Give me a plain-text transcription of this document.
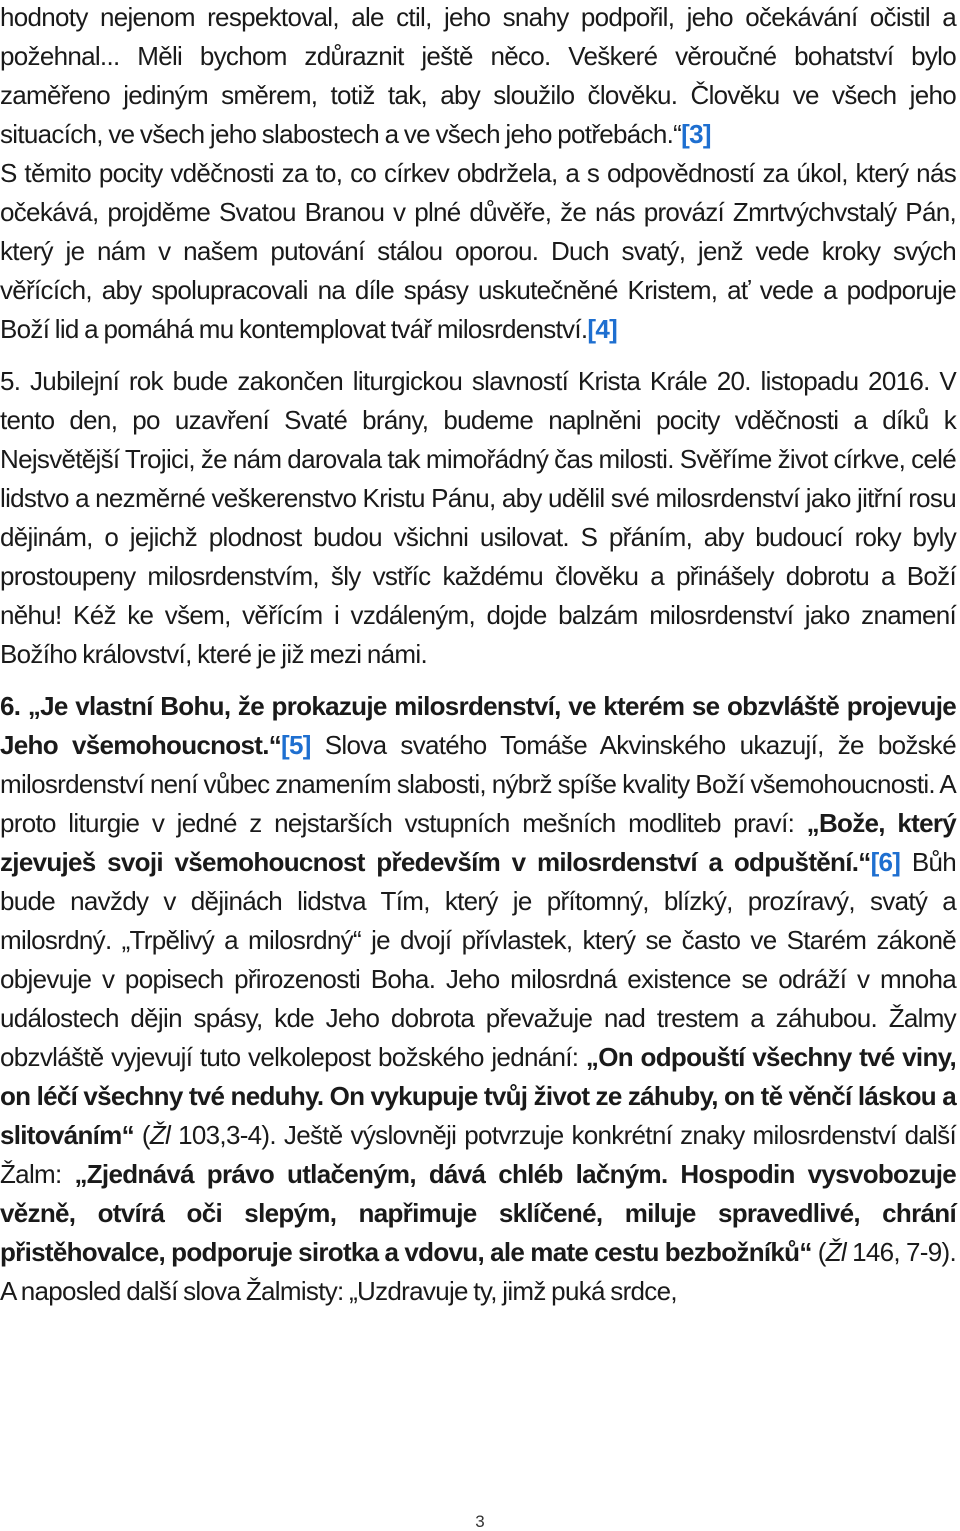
hodnoty nejenom respektoval, ale ctil, jeho snahy podpořil, jeho očekávání očistil a požehnal... Měli bychom zdůraznit ještě něco. Veškeré věroučné bohatství bylo zaměřeno jediným směrem, totiž tak, aby sloužilo člověku. Člověku ve všech jeho situacích, ve všech jeho slabostech a ve všech jeho potřebách.“[3]

S těmito pocity vděčnosti za to, co církev obdržela, a s odpovědností za úkol, který nás očekává, projděme Svatou Branou v plné důvěře, že nás provází Zmrtvýchvstalý Pán, který je nám v našem putování stálou oporou. Duch svatý, jenž vede kroky svých věřících, aby spolupracovali na díle spásy uskutečněné Kristem, ať vede a podporuje Boží lid a pomáhá mu kontemplovat tvář milosrdenství.[4]

5. Jubilejní rok bude zakončen liturgickou slavností Krista Krále 20. listopadu 2016. V tento den, po uzavření Svaté brány, budeme naplněni pocity vděčnosti a díků k Nejsvětější Trojici, že nám darovala tak mimořádný čas milosti. Svěříme život církve, celé lidstvo a nezměrné veškerenstvo Kristu Pánu, aby udělil své milosrdenství jako jitřní rosu dějinám, o jejichž plodnost budou všichni usilovat. S přáním, aby budoucí roky byly prostoupeny milosrdenstvím, šly vstříc každému člověku a přinášely dobrotu a Boží něhu! Kéž ke všem, věřícím i vzdáleným, dojde balzám milosrdenství jako znamení Božího království, které je již mezi námi.

6. „Je vlastní Bohu, že prokazuje milosrdenství, ve kterém se obzvláště projevuje Jeho všemohoucnost.“[5] Slova svatého Tomáše Akvinského ukazují, že božské milosrdenství není vůbec znamením slabosti, nýbrž spíše kvality Boží všemohoucnosti. A proto liturgie v jedné z nejstarších vstupních mešních modliteb praví: „Bože, který zjevuješ svoji všemohoucnost především v milosrdenství a odpuštění.“[6] Bůh bude navždy v dějinách lidstva Tím, který je přítomný, blízký, prozíravý, svatý a milosrdný. „Trpělivý a milosrdný“ je dvojí přívlastek, který se často ve Starém zákoně objevuje v popisech přirozenosti Boha. Jeho milosrdná existence se odráží v mnoha událostech dějin spásy, kde Jeho dobrota převažuje nad trestem a záhubou. Žalmy obzvláště vyjevují tuto velkolepost božského jednání: „On odpouští všechny tvé viny, on léčí všechny tvé neduhy. On vykupuje tvůj život ze záhuby, on tě věnčí láskou a slitováním“ (Žl 103,3-4). Ještě výslovněji potvrzuje konkrétní znaky milosrdenství další Žalm: „Zjednává právo utlačeným, dává chléb lačným. Hospodin vysvobozuje vězně, otvírá oči slepým, napřimuje sklíčené, miluje spravedlivé, chrání přistěhovalce, podporuje sirotka a vdovu, ale mate cestu bezbožníků“ (Žl 146, 7-9). A naposled další slova Žalmisty: „Uzdravuje ty, jimž puká srdce,

3
